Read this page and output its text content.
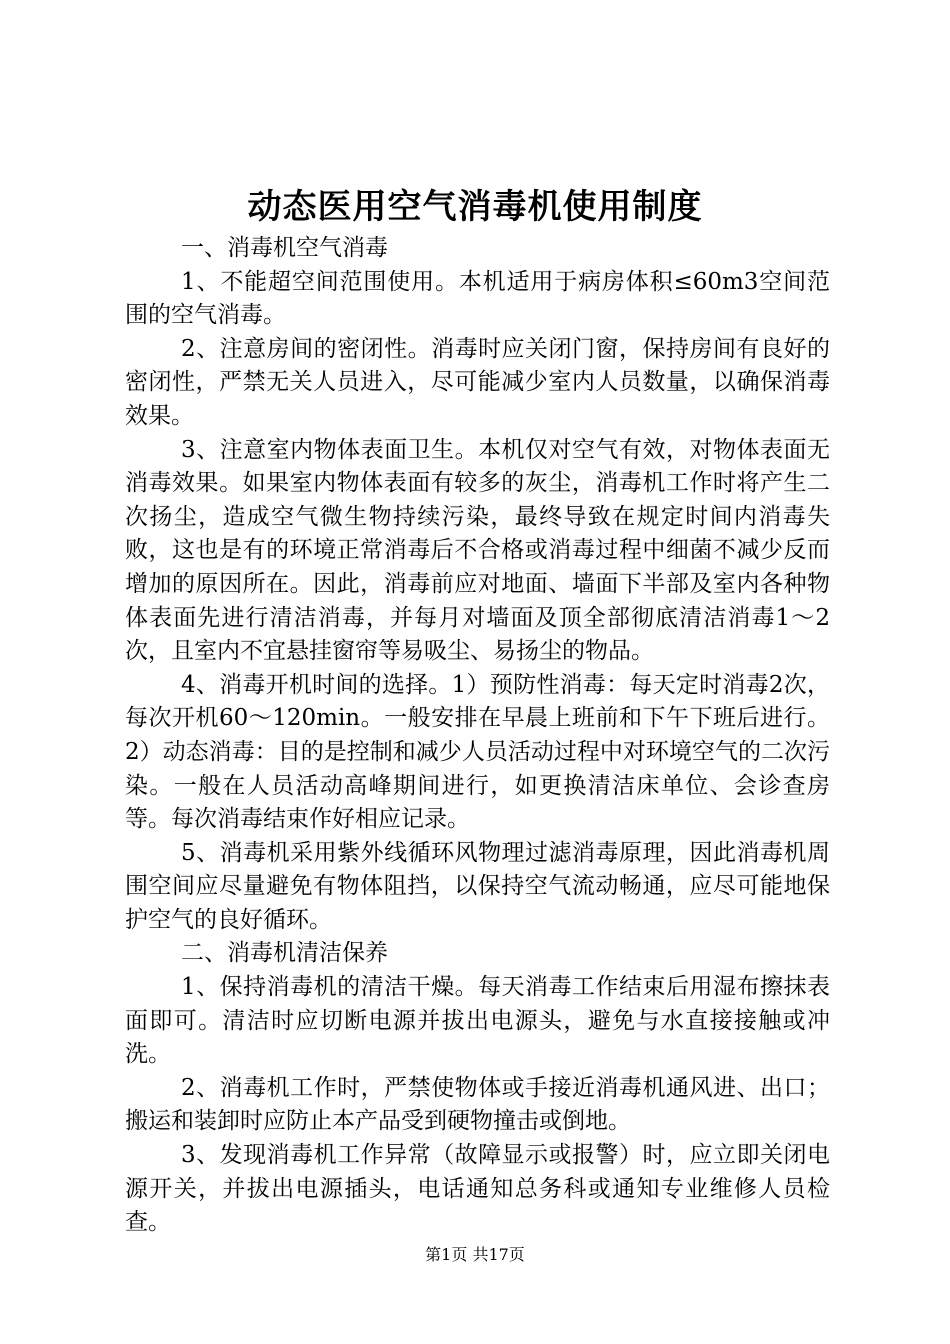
动态医用空气消毒机使用制度

一、消毒机空气消毒

1、不能超空间范围使用。本机适用于病房体积≤60m3空间范围的空气消毒。

2、注意房间的密闭性。消毒时应关闭门窗，保持房间有良好的密闭性，严禁无关人员进入，尽可能减少室内人员数量，以确保消毒效果。

3、注意室内物体表面卫生。本机仅对空气有效，对物体表面无消毒效果。如果室内物体表面有较多的灰尘，消毒机工作时将产生二次扬尘，造成空气微生物持续污染，最终导致在规定时间内消毒失败，这也是有的环境正常消毒后不合格或消毒过程中细菌不减少反而增加的原因所在。因此，消毒前应对地面、墙面下半部及室内各种物体表面先进行清洁消毒，并每月对墙面及顶全部彻底清洁消毒1～2次，且室内不宜悬挂窗帘等易吸尘、易扬尘的物品。

4、消毒开机时间的选择。1）预防性消毒：每天定时消毒2次，每次开机60～120min。一般安排在早晨上班前和下午下班后进行。2）动态消毒：目的是控制和减少人员活动过程中对环境空气的二次污染。一般在人员活动高峰期间进行，如更换清洁床单位、会诊查房等。每次消毒结束作好相应记录。

5、消毒机采用紫外线循环风物理过滤消毒原理，因此消毒机周围空间应尽量避免有物体阻挡，以保持空气流动畅通，应尽可能地保护空气的良好循环。

二、消毒机清洁保养

1、保持消毒机的清洁干燥。每天消毒工作结束后用湿布擦抹表面即可。清洁时应切断电源并拔出电源头，避免与水直接接触或冲洗。

2、消毒机工作时，严禁使物体或手接近消毒机通风进、出口；搬运和装卸时应防止本产品受到硬物撞击或倒地。

3、发现消毒机工作异常（故障显示或报警）时，应立即关闭电源开关，并拔出电源插头，电话通知总务科或通知专业维修人员检查。

第1页 共17页
